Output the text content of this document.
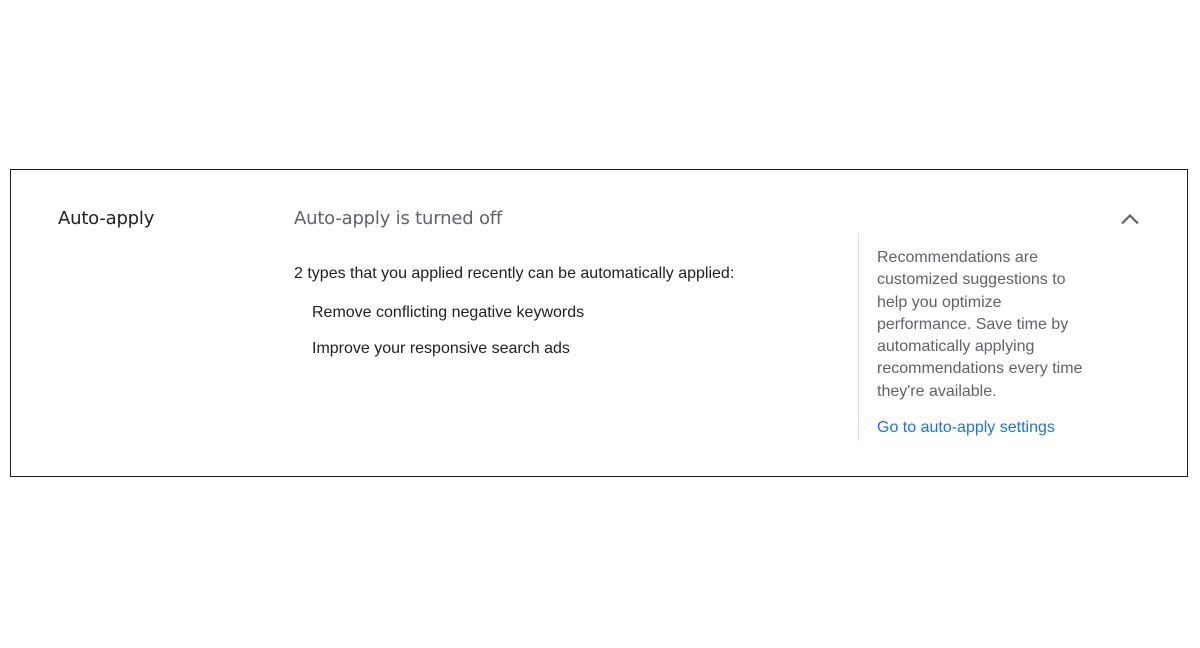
Auto-apply	Auto-apply is turned off
2 types that you applied recently can be automatically applied:
Remove conflicting negative keywords
Improve your responsive search ads

Recommendations are customized suggestions to help you optimize performance. Save time by automatically applying recommendations every time they're available.

Go to auto-apply settings
